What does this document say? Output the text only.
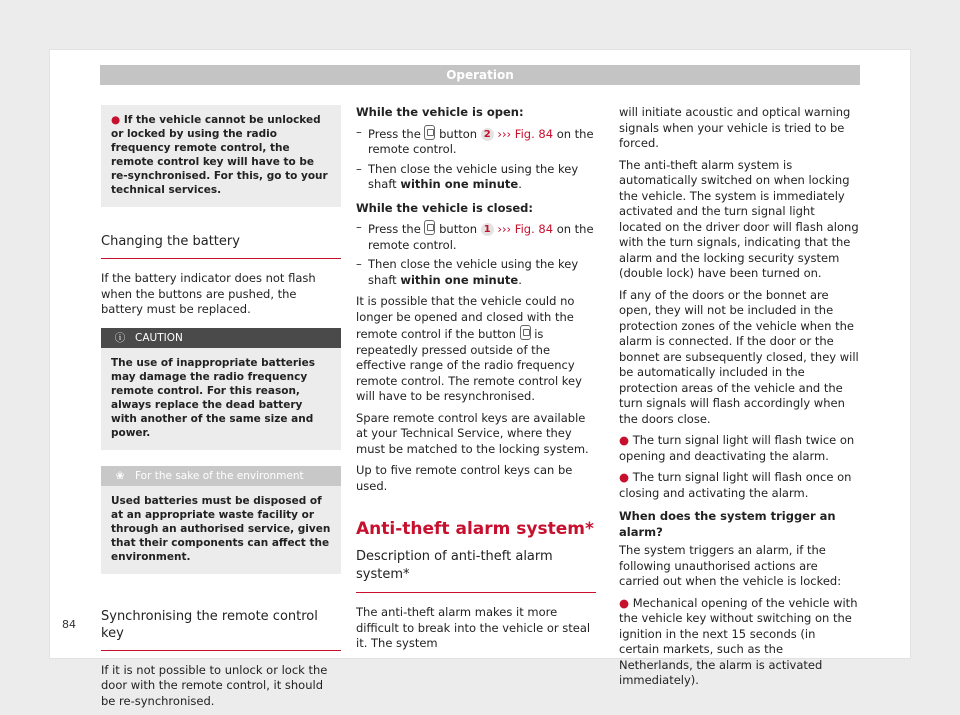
Operation
● If the vehicle cannot be unlocked or locked by using the radio frequency remote control, the remote control key will have to be re-synchronised. For this, go to your technical services.
Changing the battery

If the battery indicator does not flash when the buttons are pushed, the battery must be replaced.

ⓘ CAUTION
The use of inappropriate batteries may damage the radio frequency remote control. For this reason, always replace the dead battery with another of the same size and power.
❀ For the sake of the environment
Used batteries must be disposed of at an appropriate waste facility or through an authorised service, given that their components can affect the environment.
Synchronising the remote control key

If it is not possible to unlock or lock the door with the remote control, it should be re-synchronised.

While the vehicle is open:

– Press the button 2 ››› Fig. 84 on the remote control.
– Then close the vehicle using the key shaft within one minute.

While the vehicle is closed:

– Press the button 1 ››› Fig. 84 on the remote control.
– Then close the vehicle using the key shaft within one minute.

It is possible that the vehicle could no longer be opened and closed with the remote control if the button is repeatedly pressed outside of the effective range of the radio frequency remote control. The remote control key will have to be resynchronised.

Spare remote control keys are available at your Technical Service, where they must be matched to the locking system.

Up to five remote control keys can be used.

Anti-theft alarm system*
Description of anti-theft alarm system*

The anti-theft alarm makes it more difficult to break into the vehicle or steal it. The system

will initiate acoustic and optical warning signals when your vehicle is tried to be forced.

The anti-theft alarm system is automatically switched on when locking the vehicle. The system is immediately activated and the turn signal light located on the driver door will flash along with the turn signals, indicating that the alarm and the locking security system (double lock) have been turned on.

If any of the doors or the bonnet are open, they will not be included in the protection zones of the vehicle when the alarm is connected. If the door or the bonnet are subsequently closed, they will be automatically included in the protection areas of the vehicle and the turn signals will flash accordingly when the doors close.

● The turn signal light will flash twice on opening and deactivating the alarm.

● The turn signal light will flash once on closing and activating the alarm.

When does the system trigger an alarm?

The system triggers an alarm, if the following unauthorised actions are carried out when the vehicle is locked:

● Mechanical opening of the vehicle with the vehicle key without switching on the ignition in the next 15 seconds (in certain markets, such as the Netherlands, the alarm is activated immediately).

84
